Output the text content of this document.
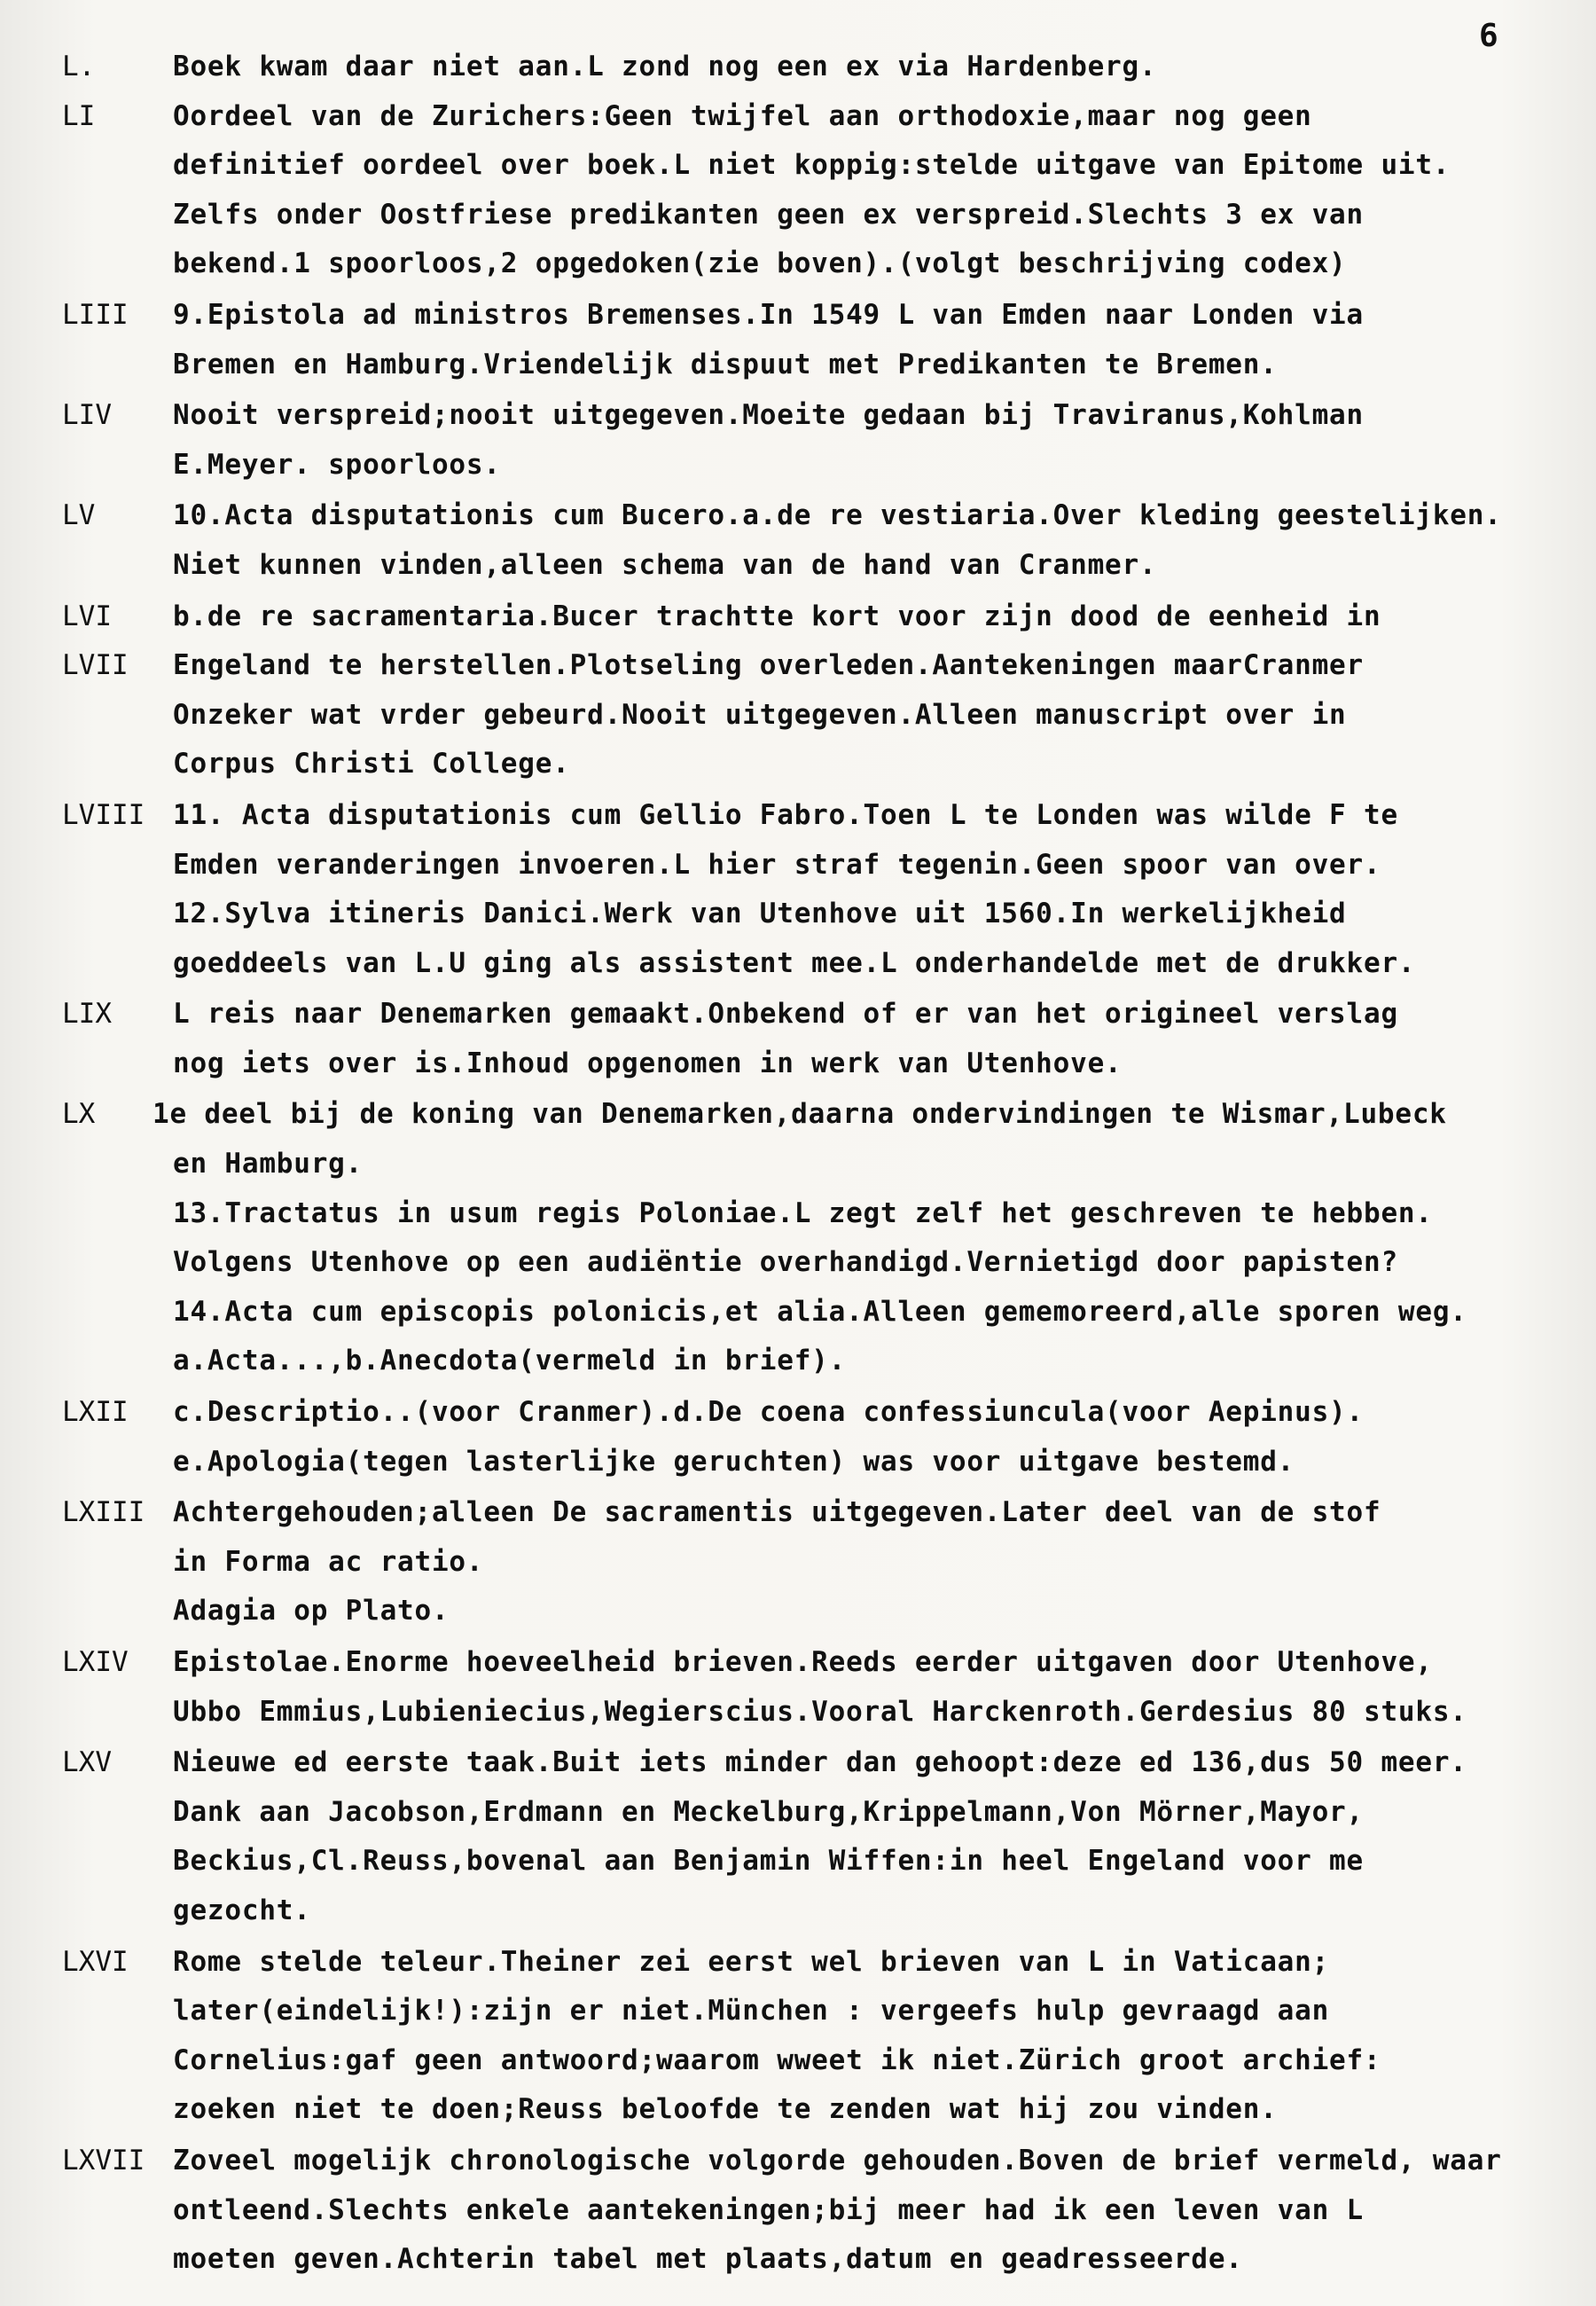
6
L.	Boek kwam daar niet aan.L zond nog een ex via Hardenberg.
LI	Oordeel van de Zurichers:Geen twijfel aan orthodoxie,maar nog geen
definitief oordeel over boek.L niet koppig:stelde uitgave van Epitome uit.
Zelfs onder Oostfriese predikanten geen ex verspreid.Slechts 3 ex van
bekend.1 spoorloos,2 opgedoken(zie boven).(volgt beschrijving codex)
LIII 9.Epistola ad ministros Bremenses.In 1549 L van Emden naar Londen via
Bremen en Hamburg.Vriendelijk dispuut met Predikanten te Bremen.
LIV Nooit verspreid;nooit uitgegeven.Moeite gedaan bij Traviranus,Kohlman
E.Meyer. spoorloos.
LV	10.Acta disputationis cum Bucero.a.de re vestiaria.Over kleding geestelijken.
Niet kunnen vinden,alleen schema van de hand van Cranmer.
LVI b.de re sacramentaria.Bucer trachtte kort voor zijn dood de eenheid in
LVII Engeland te herstellen.Plotseling overleden.Aantekeningen maarCranmer
Onzeker wat vrder gebeurd.Nooit uitgegeven.Alleen manuscript over in
Corpus Christi College.
LVIII 11. Acta disputationis cum Gellio Fabro.Toen L te Londen was wilde F te
Emden veranderingen invoeren.L hier straf tegenin.Geen spoor van over.
12.Sylva itineris Danici.Werk van Utenhove uit 1560.In werkelijkheid
goeddeels van L.U ging als assistent mee.L onderhandelde met de drukker.
LIX L reis naar Denemarken gemaakt.Onbekend of er van het origineel verslag
nog iets over is.Inhoud opgenomen in werk van Utenhove.
LX 1e deel bij de koning van Denemarken,daarna ondervindingen te Wismar,Lubeck
en Hamburg.
13.Tractatus in usum regis Poloniae.L zegt zelf het geschreven te hebben.
Volgens Utenhove op een audiëntie overhandigd.Vernietigd door papisten?
14.Acta cum episcopis polonicis,et alia.Alleen gememoreerd,alle sporen weg.
a.Acta...,b.Anecdota(vermeld in brief).
LXII c.Descriptio..(voor Cranmer).d.De coena confessiuncula(voor Aepinus).
e.Apologia(tegen lasterlijke geruchten) was voor uitgave bestemd.
LXIII Achtergehouden;alleen De sacramentis uitgegeven.Later deel van de stof
in Forma ac ratio.
Adagia op Plato.
LXIV Epistolae.Enorme hoeveelheid brieven.Reeds eerder uitgaven door Utenhove,
Ubbo Emmius,Lubieniecius,Wegierscius.Vooral Harckenroth.Gerdesius 80 stuks.
LXV Nieuwe ed eerste taak.Buit iets minder dan gehoopt:deze ed 136,dus 50 meer.
Dank aan Jacobson,Erdmann en Meckelburg,Krippelmann,Von Mörner,Mayor,
Beckius,Cl.Reuss,bovenal aan Benjamin Wiffen:in heel Engeland voor me
gezocht.
LXVI Rome stelde teleur.Theiner zei eerst wel brieven van L in Vaticaan;
later(eindelijk!):zijn er niet.München : vergeefs hulp gevraagd aan
Cornelius:gaf geen antwoord;waarom wweet ik niet.Zürich groot archief:
zoeken niet te doen;Reuss beloofde te zenden wat hij zou vinden.
LXVII Zoveel mogelijk chronologische volgorde gehouden.Boven de brief vermeld, waar
ontleend.Slechts enkele aantekeningen;bij meer had ik een leven van L
moeten geven.Achterin tabel met plaats,datum en geadresseerde.
